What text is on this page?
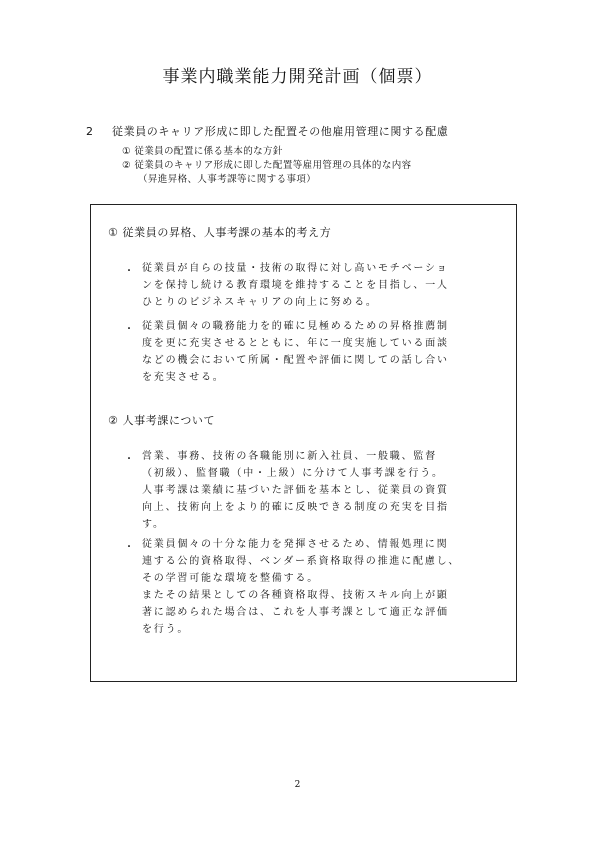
事業内職業能力開発計画（個票）
2 従業員のキャリア形成に即した配置その他雇用管理に関する配慮
① 従業員の配置に係る基本的な方針
② 従業員のキャリア形成に即した配置等雇用管理の具体的な内容
（昇進昇格、人事考課等に関する事項）
① 従業員の昇格、人事考課の基本的考え方
・ 従業員が自らの技量・技術の取得に対し高いモチベーショ
ンを保持し続ける教育環境を維持することを目指し、一人
ひとりのビジネスキャリアの向上に努める。
・ 従業員個々の職務能力を的確に見極めるための昇格推薦制
度を更に充実させるとともに、年に一度実施している面談
などの機会において所属・配置や評価に関しての話し合い
を充実させる。
② 人事考課について
・ 営業、事務、技術の各職能別に新入社員、一般職、監督
（初級）、監督職（中・上級）に分けて人事考課を行う。
人事考課は業績に基づいた評価を基本とし、従業員の資質
向上、技術向上をより的確に反映できる制度の充実を目指
す。
・ 従業員個々の十分な能力を発揮させるため、情報処理に関
連する公的資格取得、ベンダー系資格取得の推進に配慮し、
その学習可能な環境を整備する。
またその結果としての各種資格取得、技術スキル向上が顕
著に認められた場合は、これを人事考課として適正な評価
を行う。
2
